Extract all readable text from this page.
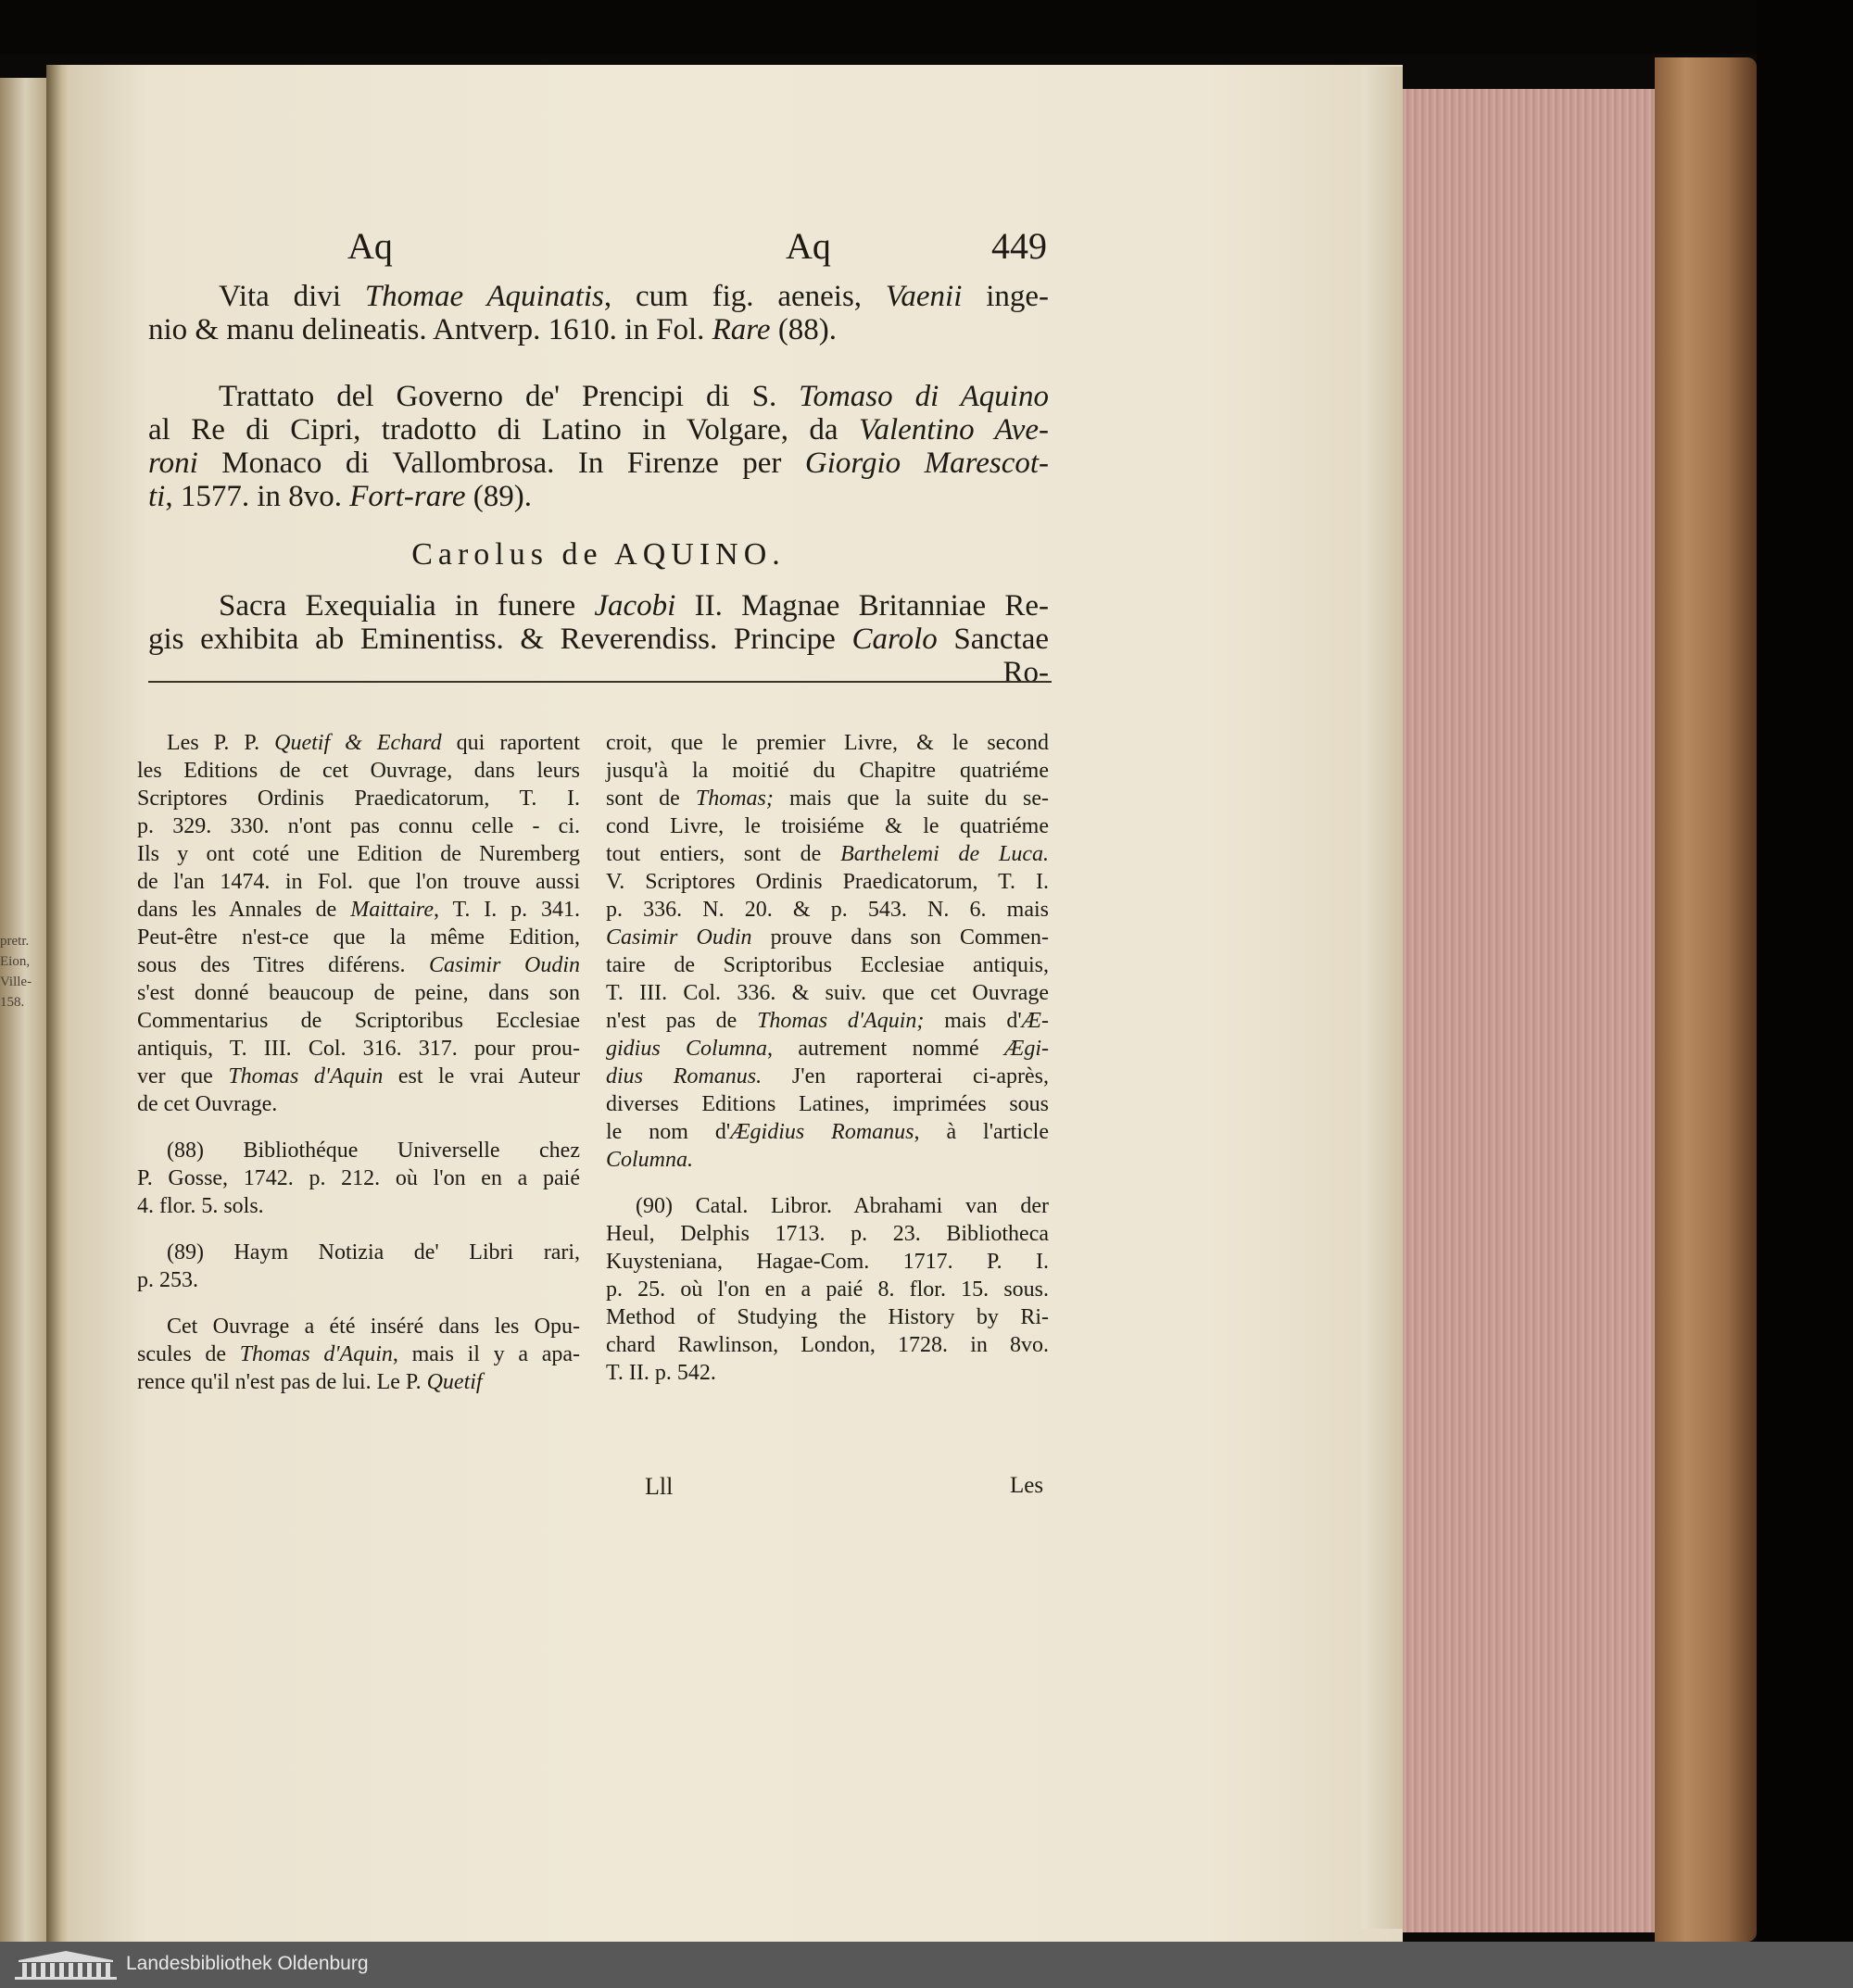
pretr.
Eion,
Ville-
158.
Aq	Aq	449
Vita divi Thomae Aquinatis, cum fig. aeneis, Vaenii inge-
nio & manu delineatis. Antverp. 1610. in Fol. Rare (88).
Trattato del Governo de' Prencipi di S. Tomaso di Aquino
al Re di Cipri, tradotto di Latino in Volgare, da Valentino Ave-
roni Monaco di Vallombrosa. In Firenze per Giorgio Marescot-
ti, 1577. in 8vo. Fort-rare (89).
Carolus de AQUINO.
Sacra Exequialia in funere Jacobi II. Magnae Britanniae Re-
gis exhibita ab Eminentiss. & Reverendiss. Principe Carolo Sanctae
Ro-
Les P. P. Quetif & Echard qui raportent
les Editions de cet Ouvrage, dans leurs
Scriptores Ordinis Praedicatorum, T. I.
p. 329. 330. n'ont pas connu celle - ci.
Ils y ont coté une Edition de Nuremberg
de l'an 1474. in Fol. que l'on trouve aussi
dans les Annales de Maittaire, T. I. p. 341.
Peut-être n'est-ce que la même Edition,
sous des Titres diférens. Casimir Oudin
s'est donné beaucoup de peine, dans son
Commentarius de Scriptoribus Ecclesiae
antiquis, T. III. Col. 316. 317. pour prou-
ver que Thomas d'Aquin est le vrai Auteur
de cet Ouvrage.
(88) Bibliothéque Universelle chez
P. Gosse, 1742. p. 212. où l'on en a paié
4. flor. 5. sols.
(89) Haym Notizia de' Libri rari,
p. 253.
Cet Ouvrage a été inséré dans les Opu-
scules de Thomas d'Aquin, mais il y a apa-
rence qu'il n'est pas de lui. Le P. Quetif
croit, que le premier Livre, & le second
jusqu'à la moitié du Chapitre quatriéme
sont de Thomas; mais que la suite du se-
cond Livre, le troisiéme & le quatriéme
tout entiers, sont de Barthelemi de Luca.
V. Scriptores Ordinis Praedicatorum, T. I.
p. 336. N. 20. & p. 543. N. 6. mais
Casimir Oudin prouve dans son Commen-
taire de Scriptoribus Ecclesiae antiquis,
T. III. Col. 336. & suiv. que cet Ouvrage
n'est pas de Thomas d'Aquin; mais d'Æ-
gidius Columna, autrement nommé Ægi-
dius Romanus. J'en raporterai ci-après,
diverses Editions Latines, imprimées sous
le nom d'Ægidius Romanus, à l'article
Columna.
(90) Catal. Libror. Abrahami van der
Heul, Delphis 1713. p. 23. Bibliotheca
Kuysteniana, Hagae-Com. 1717. P. I.
p. 25. où l'on en a paié 8. flor. 15. sous.
Method of Studying the History by Ri-
chard Rawlinson, London, 1728. in 8vo.
T. II. p. 542.
Lll	Les
Landesbibliothek Oldenburg
